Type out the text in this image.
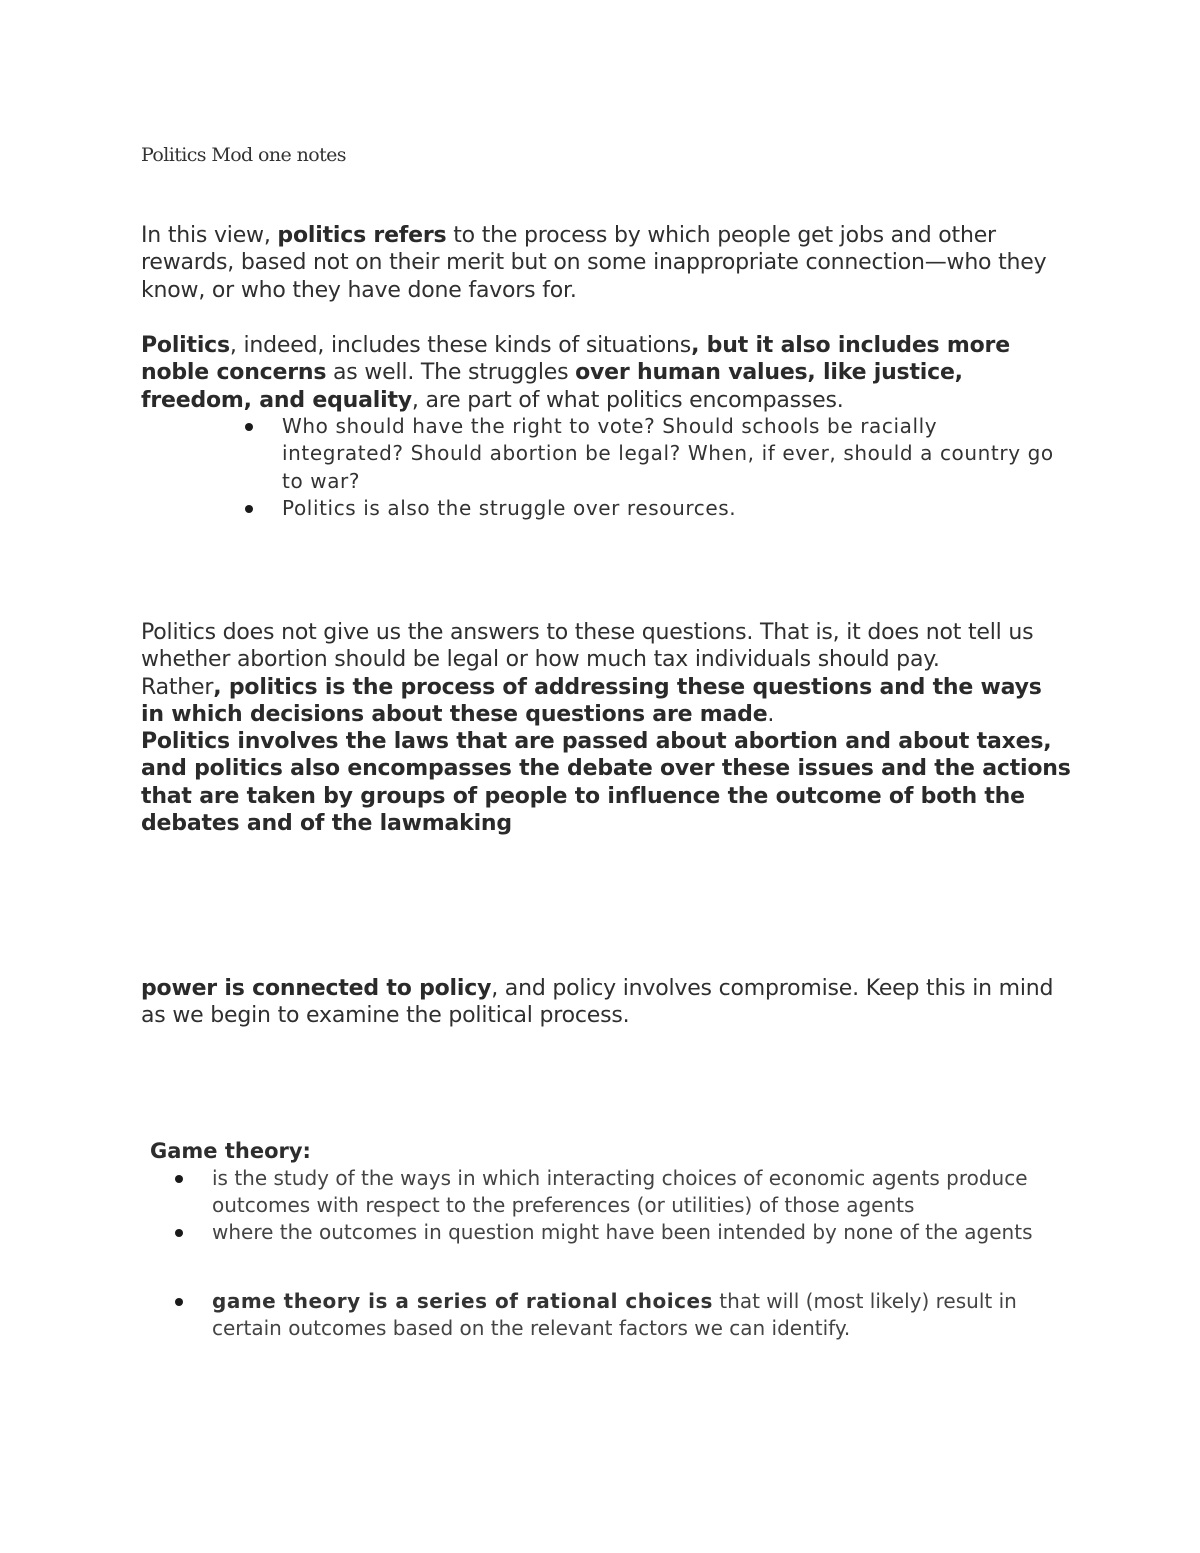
Politics Mod one notes
In this view, politics refers to the process by which people get jobs and other rewards, based not on their merit but on some inappropriate connection—who they know, or who they have done favors for.
Politics, indeed, includes these kinds of situations, but it also includes more noble concerns as well. The struggles over human values, like justice, freedom, and equality, are part of what politics encompasses.
Who should have the right to vote? Should schools be racially integrated? Should abortion be legal? When, if ever, should a country go to war?
Politics is also the struggle over resources.
Politics does not give us the answers to these questions. That is, it does not tell us whether abortion should be legal or how much tax individuals should pay.
Rather, politics is the process of addressing these questions and the ways in which decisions about these questions are made.
Politics involves the laws that are passed about abortion and about taxes, and politics also encompasses the debate over these issues and the actions that are taken by groups of people to influence the outcome of both the debates and of the lawmaking
power is connected to policy, and policy involves compromise. Keep this in mind as we begin to examine the political process.
Game theory:
is the study of the ways in which interacting choices of economic agents produce outcomes with respect to the preferences (or utilities) of those agents
where the outcomes in question might have been intended by none of the agents
game theory is a series of rational choices that will (most likely) result in certain outcomes based on the relevant factors we can identify.
